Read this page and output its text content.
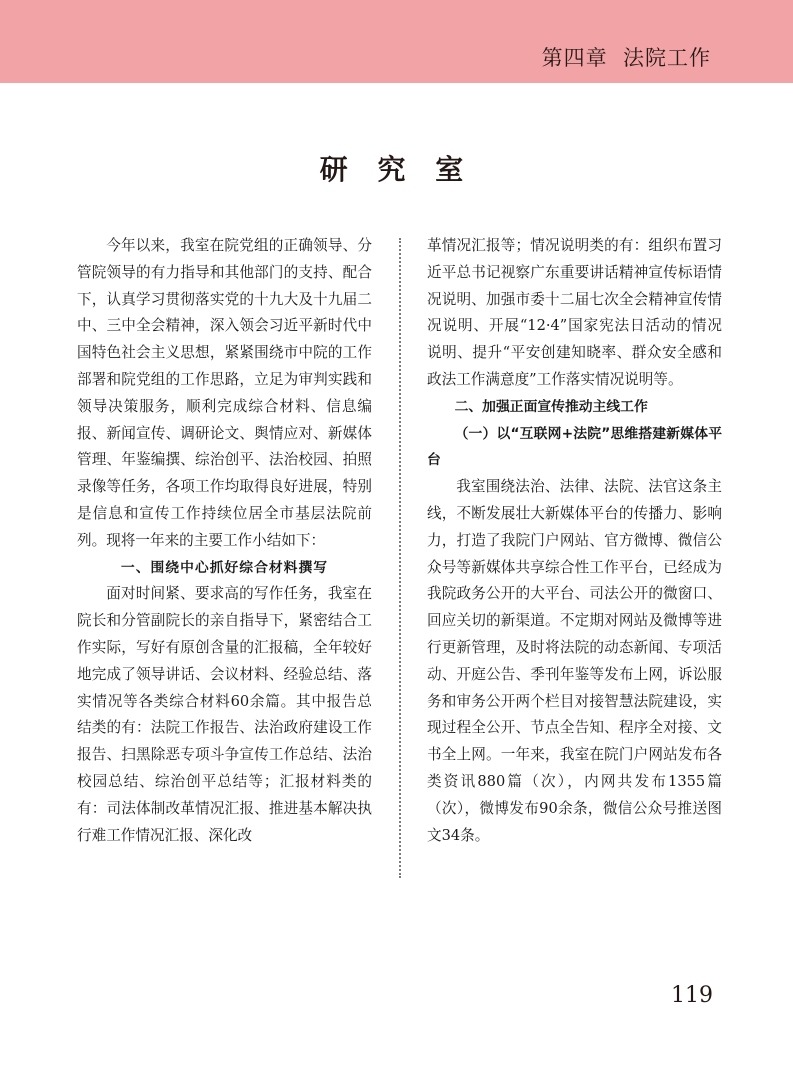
第四章  法院工作
研 究 室

今年以来，我室在院党组的正确领导、分管院领导的有力指导和其他部门的支持、配合下，认真学习贯彻落实党的十九大及十九届二中、三中全会精神，深入领会习近平新时代中国特色社会主义思想，紧紧围绕市中院的工作部署和院党组的工作思路，立足为审判实践和领导决策服务，顺利完成综合材料、信息编报、新闻宣传、调研论文、舆情应对、新媒体管理、年鉴编撰、综治创平、法治校园、拍照录像等任务，各项工作均取得良好进展，特别是信息和宣传工作持续位居全市基层法院前列。现将一年来的主要工作小结如下：

一、围绕中心抓好综合材料撰写

面对时间紧、要求高的写作任务，我室在院长和分管副院长的亲自指导下，紧密结合工作实际，写好有原创含量的汇报稿，全年较好地完成了领导讲话、会议材料、经验总结、落实情况等各类综合材料60余篇。其中报告总结类的有：法院工作报告、法治政府建设工作报告、扫黑除恶专项斗争宣传工作总结、法治校园总结、综治创平总结等；汇报材料类的有：司法体制改革情况汇报、推进基本解决执行难工作情况汇报、深化改

革情况汇报等；情况说明类的有：组织布置习近平总书记视察广东重要讲话精神宣传标语情况说明、加强市委十二届七次全会精神宣传情况说明、开展“12·4”国家宪法日活动的情况说明、提升“平安创建知晓率、群众安全感和政法工作满意度”工作落实情况说明等。

二、加强正面宣传推动主线工作

（一）以“互联网+法院”思维搭建新媒体平台

我室围绕法治、法律、法院、法官这条主线，不断发展壮大新媒体平台的传播力、影响力，打造了我院门户网站、官方微博、微信公众号等新媒体共享综合性工作平台，已经成为我院政务公开的大平台、司法公开的微窗口、回应关切的新渠道。不定期对网站及微博等进行更新管理，及时将法院的动态新闻、专项活动、开庭公告、季刊年鉴等发布上网，诉讼服务和审务公开两个栏目对接智慧法院建设，实现过程全公开、节点全告知、程序全对接、文书全上网。一年来，我室在院门户网站发布各类资讯880篇（次），内网共发布1355篇（次），微博发布90余条，微信公众号推送图文34条。

119
